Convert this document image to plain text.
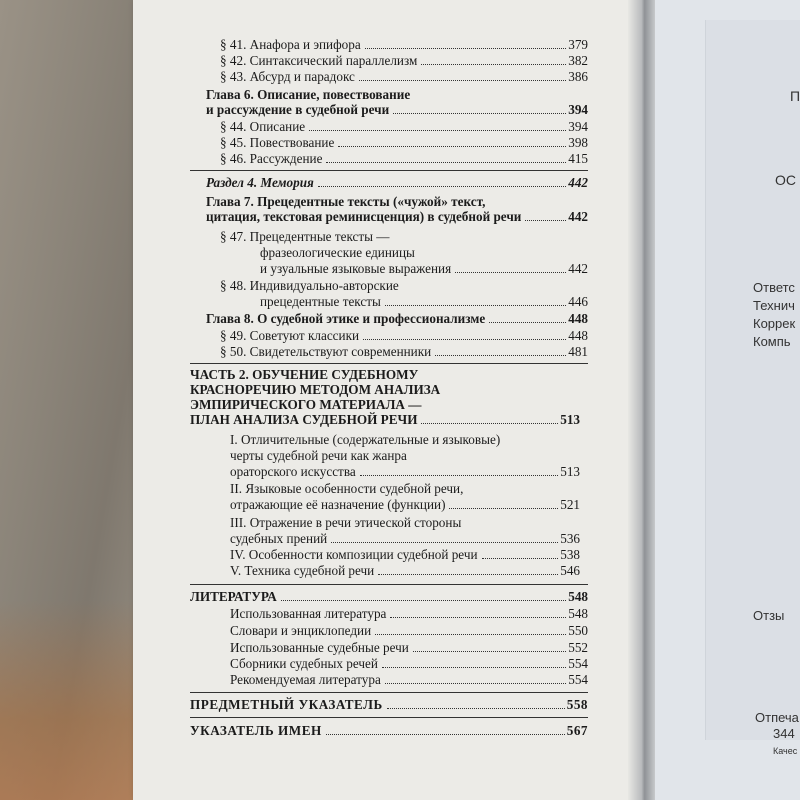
§ 41. Анафора и эпифора	379
§ 42. Синтаксический параллелизм	382
§ 43. Абсурд и парадокс	386
Глава 6. Описание, повествование
и рассуждение в судебной речи	394
§ 44. Описание	394
§ 45. Повествование	398
§ 46. Рассуждение	415
Раздел 4. Мемория	442
Глава 7. Прецедентные тексты («чужой» текст,
цитация, текстовая реминисценция) в судебной речи	442
§ 47. Прецедентные тексты —
фразеологические единицы
и узуальные языковые выражения	442
§ 48. Индивидуально-авторские
прецедентные тексты	446
Глава 8. О судебной этике и профессионализме	448
§ 49. Советуют классики	448
§ 50. Свидетельствуют современники	481
ЧАСТЬ 2. ОБУЧЕНИЕ СУДЕБНОМУ
КРАСНОРЕЧИЮ МЕТОДОМ АНАЛИЗА
ЭМПИРИЧЕСКОГО МАТЕРИАЛА —
ПЛАН АНАЛИЗА СУДЕБНОЙ РЕЧИ	513
I. Отличительные (содержательные и языковые)
черты судебной речи как жанра
ораторского искусства	513
II. Языковые особенности судебной речи,
отражающие её назначение (функции)	521
III. Отражение в речи этической стороны
судебных прений	536
IV. Особенности композиции судебной речи	538
V. Техника судебной речи	546
ЛИТЕРАТУРА	548
Использованная литература	548
Словари и энциклопедии	550
Использованные судебные речи	552
Сборники судебных речей	554
Рекомендуемая литература	554
ПРЕДМЕТНЫЙ УКАЗАТЕЛЬ	558
УКАЗАТЕЛЬ ИМЕН	567
П
ОС
Ответс
Технич
Коррек
Компь
Отзы
Отпеча
344
Качес
